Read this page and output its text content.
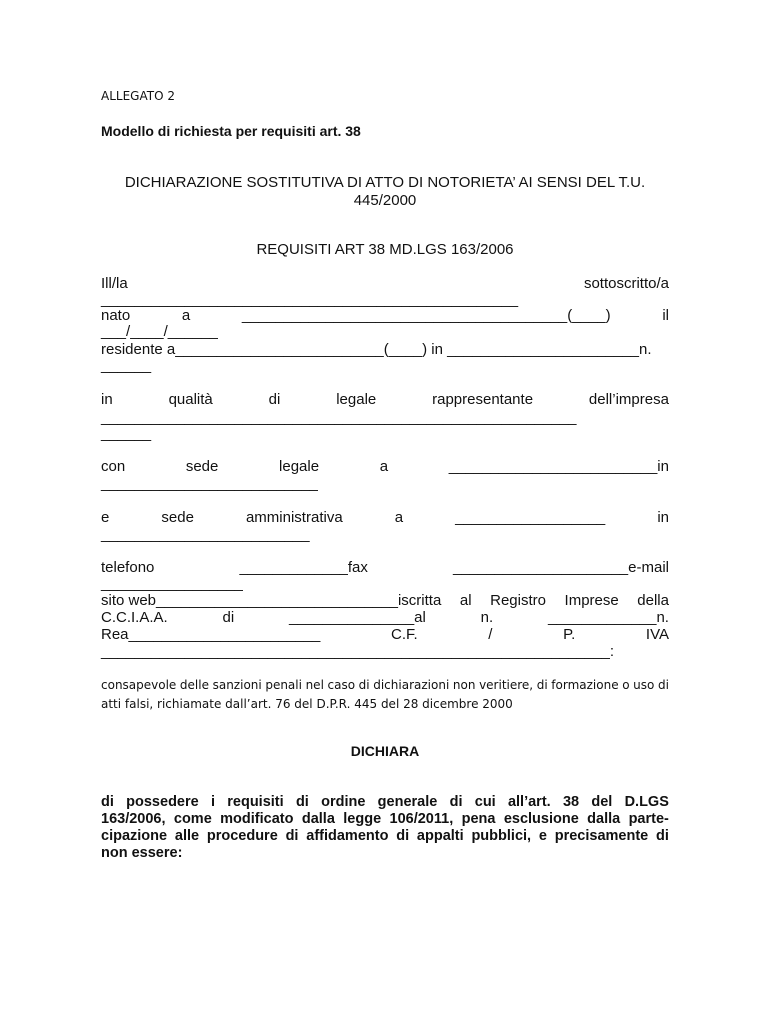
ALLEGATO 2
Modello di richiesta per requisiti art. 38
DICHIARAZIONE SOSTITUTIVA DI ATTO DI NOTORIETA’ AI SENSI DEL T.U.
445/2000
REQUISITI ART 38 MD.LGS 163/2006
Ill/la	sottoscritto/a
__________________________________________________
nato	a	_______________________________________(____)	il
___/____/______
residente a_________________________(____) in _______________________n.
______
in	qualità	di	legale	rappresentante	dell’impresa
_________________________________________________________
______
con	sede	legale	a	_________________________in
__________________________
e	sede	amministrativa	a	__________________	in
_________________________
telefono	_____________fax	_____________________e-mail
_________________
sito web_____________________________iscritta al Registro Imprese della
C.C.I.A.A.	di	_______________al	n.	_____________n.
Rea_______________________	C.F.	/	P.	IVA
_____________________________________________________________:
consapevole delle sanzioni penali nel caso di dichiarazioni non veritiere, di formazione o uso di
atti falsi, richiamate dall’art. 76 del D.P.R. 445 del 28 dicembre 2000
DICHIARA
di possedere i requisiti di ordine generale di cui all’art. 38 del D.LGS
163/2006, come modificato dalla legge 106/2011, pena esclusione dalla parte-
cipazione alle procedure di affidamento di appalti pubblici, e precisamente di
non essere:
